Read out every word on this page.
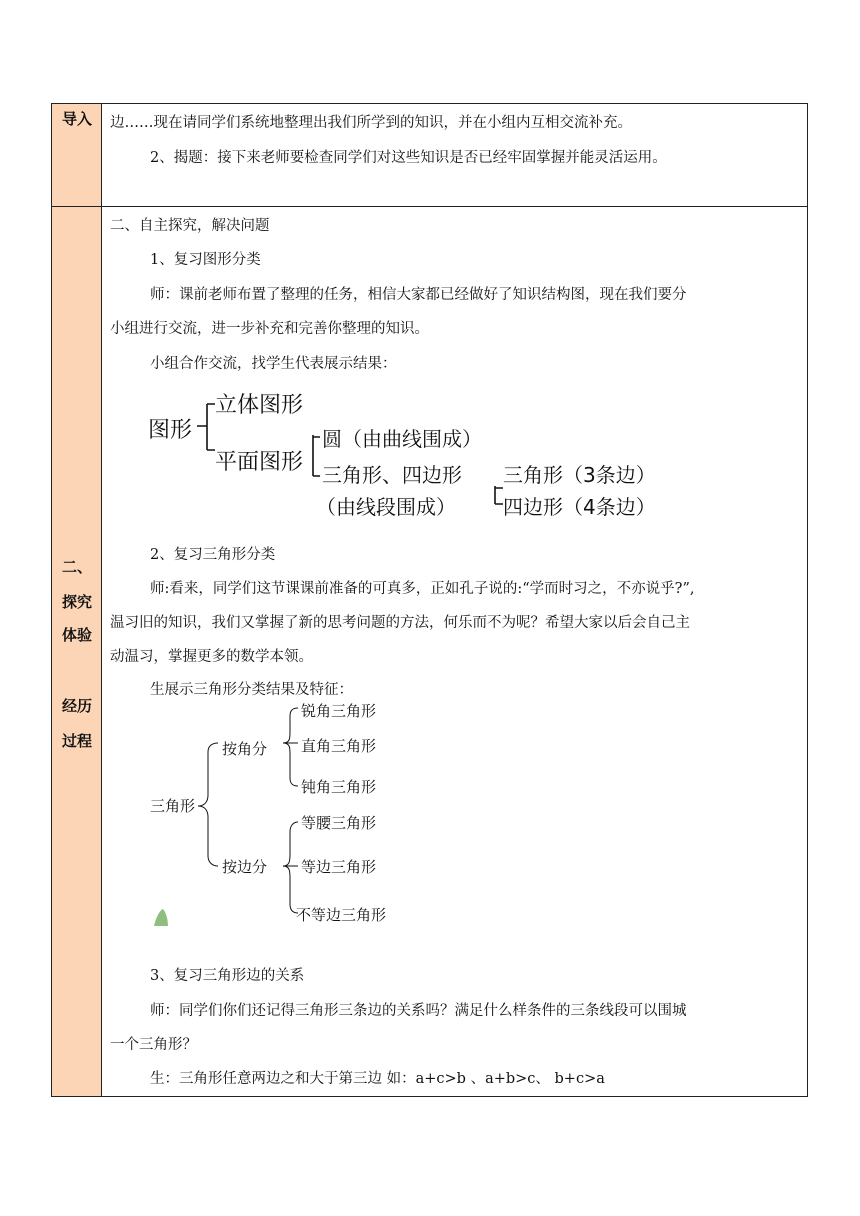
导入
二、
探究
体验
经历
过程
边……现在请同学们系统地整理出我们所学到的知识，并在小组内互相交流补充。
2、揭题：接下来老师要检查同学们对这些知识是否已经牢固掌握并能灵活运用。
二、自主探究，解决问题
1、复习图形分类
师：课前老师布置了整理的任务，相信大家都已经做好了知识结构图，现在我们要分
小组进行交流，进一步补充和完善你整理的知识。
小组合作交流，找学生代表展示结果：
图形
立体图形
平面图形
圆（由曲线围成）
三角形、四边形
（由线段围成）
三角形（3条边）
四边形（4条边）
三角形
按角分
按边分
锐角三角形
直角三角形
钝角三角形
等腰三角形
等边三角形
不等边三角形
2、复习三角形分类
师:看来，同学们这节课课前准备的可真多，正如孔子说的:“学而时习之，不亦说乎?”,
温习旧的知识，我们又掌握了新的思考问题的方法，何乐而不为呢？希望大家以后会自己主
动温习，掌握更多的数学本领。
生展示三角形分类结果及特征：
3、复习三角形边的关系
师：同学们你们还记得三角形三条边的关系吗？满足什么样条件的三条线段可以围城
一个三角形？
生：三角形任意两边之和大于第三边 如：a+c>b 、a+b>c、 b+c>a
